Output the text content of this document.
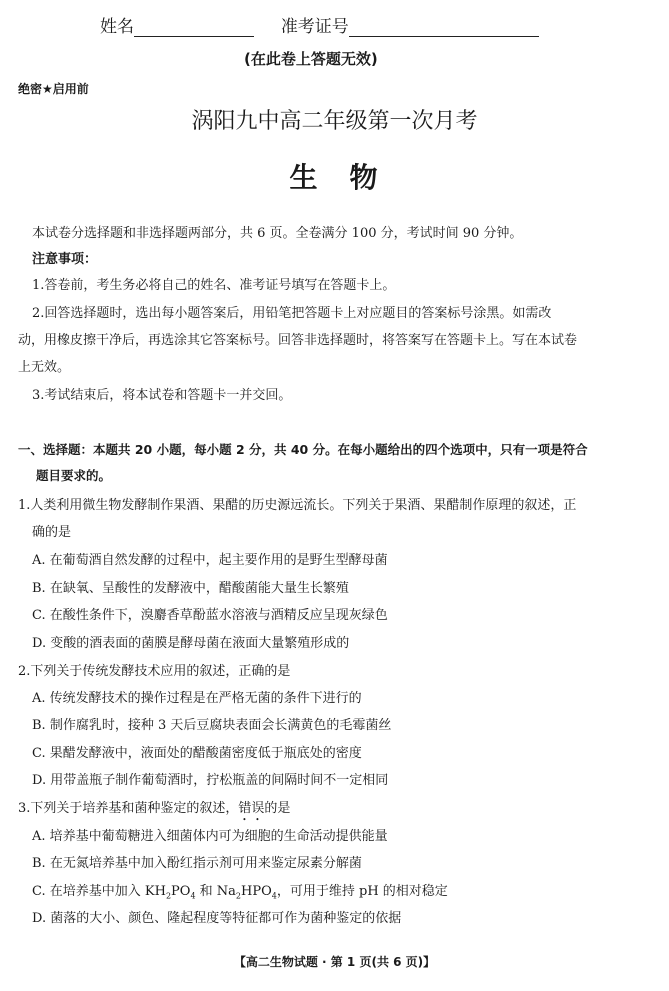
姓名	准考证号
(在此卷上答题无效)
绝密★启用前
涡阳九中高二年级第一次月考
生　物
本试卷分选择题和非选择题两部分，共 6 页。全卷满分 100 分，考试时间 90 分钟。
注意事项：
1.答卷前，考生务必将自己的姓名、准考证号填写在答题卡上。
2.回答选择题时，选出每小题答案后，用铅笔把答题卡上对应题目的答案标号涂黑。如需改
动，用橡皮擦干净后，再选涂其它答案标号。回答非选择题时，将答案写在答题卡上。写在本试卷
上无效。
3.考试结束后，将本试卷和答题卡一并交回。
一、选择题：本题共 20 小题，每小题 2 分，共 40 分。在每小题给出的四个选项中，只有一项是符合
题目要求的。
1.人类利用微生物发酵制作果酒、果醋的历史源远流长。下列关于果酒、果醋制作原理的叙述，正
确的是
A. 在葡萄酒自然发酵的过程中，起主要作用的是野生型酵母菌
B. 在缺氧、呈酸性的发酵液中，醋酸菌能大量生长繁殖
C. 在酸性条件下，溴麝香草酚蓝水溶液与酒精反应呈现灰绿色
D. 变酸的酒表面的菌膜是酵母菌在液面大量繁殖形成的
2.下列关于传统发酵技术应用的叙述，正确的是
A. 传统发酵技术的操作过程是在严格无菌的条件下进行的
B. 制作腐乳时，接种 3 天后豆腐块表面会长满黄色的毛霉菌丝
C. 果醋发酵液中，液面处的醋酸菌密度低于瓶底处的密度
D. 用带盖瓶子制作葡萄酒时，拧松瓶盖的间隔时间不一定相同
3.下列关于培养基和菌种鉴定的叙述，错误的是
A. 培养基中葡萄糖进入细菌体内可为细胞的生命活动提供能量
B. 在无氮培养基中加入酚红指示剂可用来鉴定尿素分解菌
C. 在培养基中加入 $KH_2PO_4$ 和 $Na_2HPO_4$，可用于维持 pH 的相对稳定
D. 菌落的大小、颜色、隆起程度等特征都可作为菌种鉴定的依据
【高二生物试题 · 第 1 页(共 6 页)】
